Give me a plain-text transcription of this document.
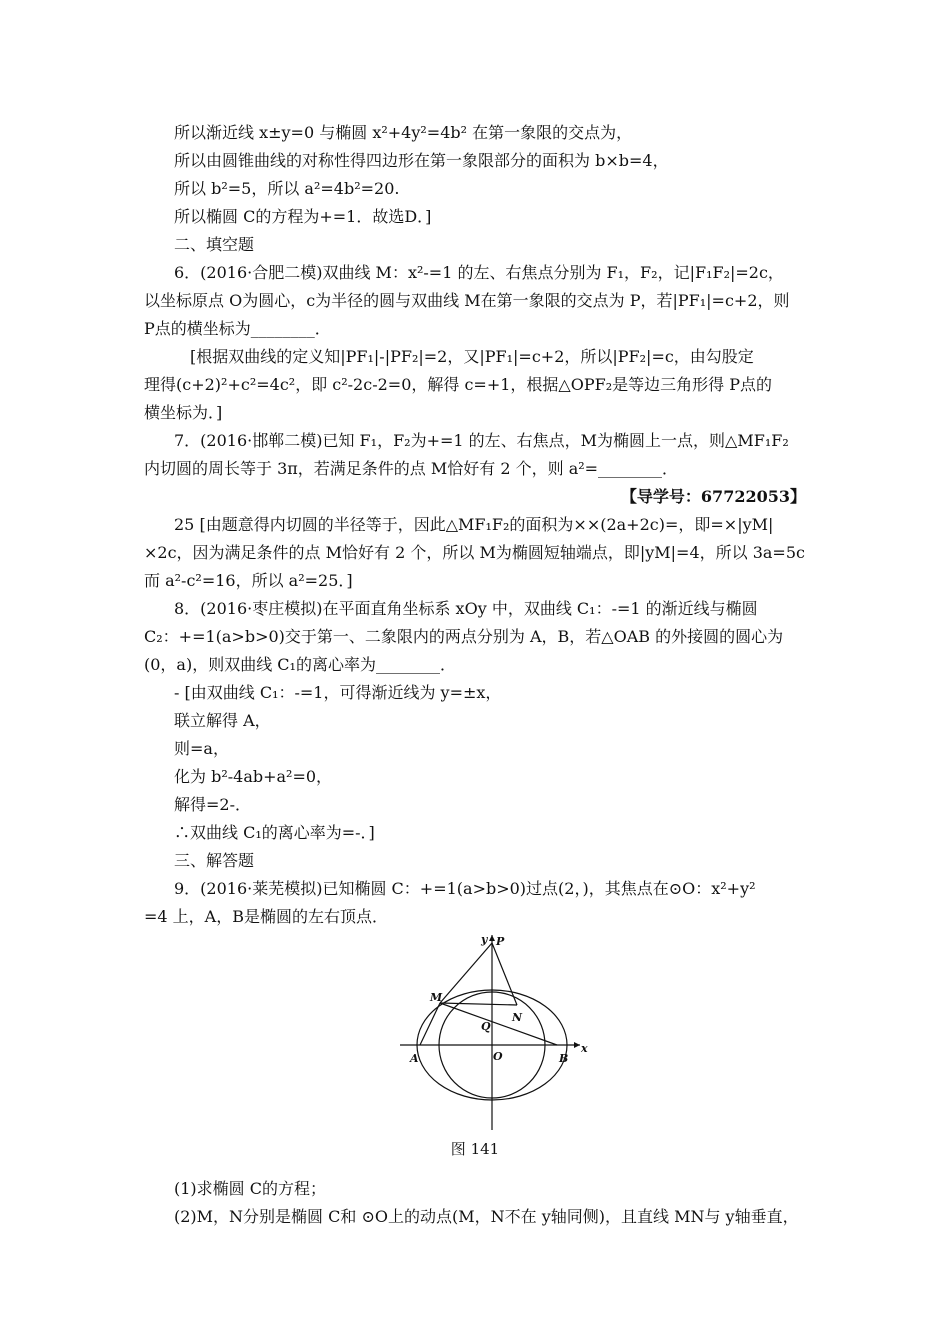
所以渐近线 x±y=0 与椭圆 x²+4y²=4b² 在第一象限的交点为，
所以由圆锥曲线的对称性得四边形在第一象限部分的面积为 b×b=4，
所以 b²=5，所以 a²=4b²=20.
所以椭圆 C的方程为+=1．故选D．]
二、填空题
6．(2016·合肥二模)双曲线 M：x²-=1 的左、右焦点分别为 F₁，F₂，记|F₁F₂|=2c，
以坐标原点 O为圆心，c为半径的圆与双曲线 M在第一象限的交点为 P，若|PF₁|=c+2，则
P点的横坐标为________．
[根据双曲线的定义知|PF₁|-|PF₂|=2，又|PF₁|=c+2，所以|PF₂|=c，由勾股定
理得(c+2)²+c²=4c²，即 c²-2c-2=0，解得 c=+1，根据△OPF₂是等边三角形得 P点的
横坐标为．]
7．(2016·邯郸二模)已知 F₁，F₂为+=1 的左、右焦点，M为椭圆上一点，则△MF₁F₂
内切圆的周长等于 3π，若满足条件的点 M恰好有 2 个，则 a²=________．
【导学号：67722053】
25 [由题意得内切圆的半径等于，因此△MF₁F₂的面积为××(2a+2c)=，即=×|yM|
×2c，因为满足条件的点 M恰好有 2 个，所以 M为椭圆短轴端点，即|yM|=4，所以 3a=5c
而 a²-c²=16，所以 a²=25．]
8．(2016·枣庄模拟)在平面直角坐标系 xOy 中，双曲线 C₁：-=1 的渐近线与椭圆
C₂：+=1(a>b>0)交于第一、二象限内的两点分别为 A，B，若△OAB 的外接圆的圆心为
(0，a)，则双曲线 C₁的离心率为________．
- [由双曲线 C₁：-=1，可得渐近线为 y=±x，
联立解得 A，
则=a，
化为 b²-4ab+a²=0，
解得=2-．
∴双曲线 C₁的离心率为=-．]
三、解答题
9．(2016·莱芜模拟)已知椭圆 C：+=1(a>b>0)过点(2，)，其焦点在⊙O：x²+y²
=4 上，A，B是椭圆的左右顶点．
y P
M
N
Q
O
A	B
x
图 141
(1)求椭圆 C的方程；
(2)M，N分别是椭圆 C和 ⊙O上的动点(M，N不在 y轴同侧)，且直线 MN与 y轴垂直，
